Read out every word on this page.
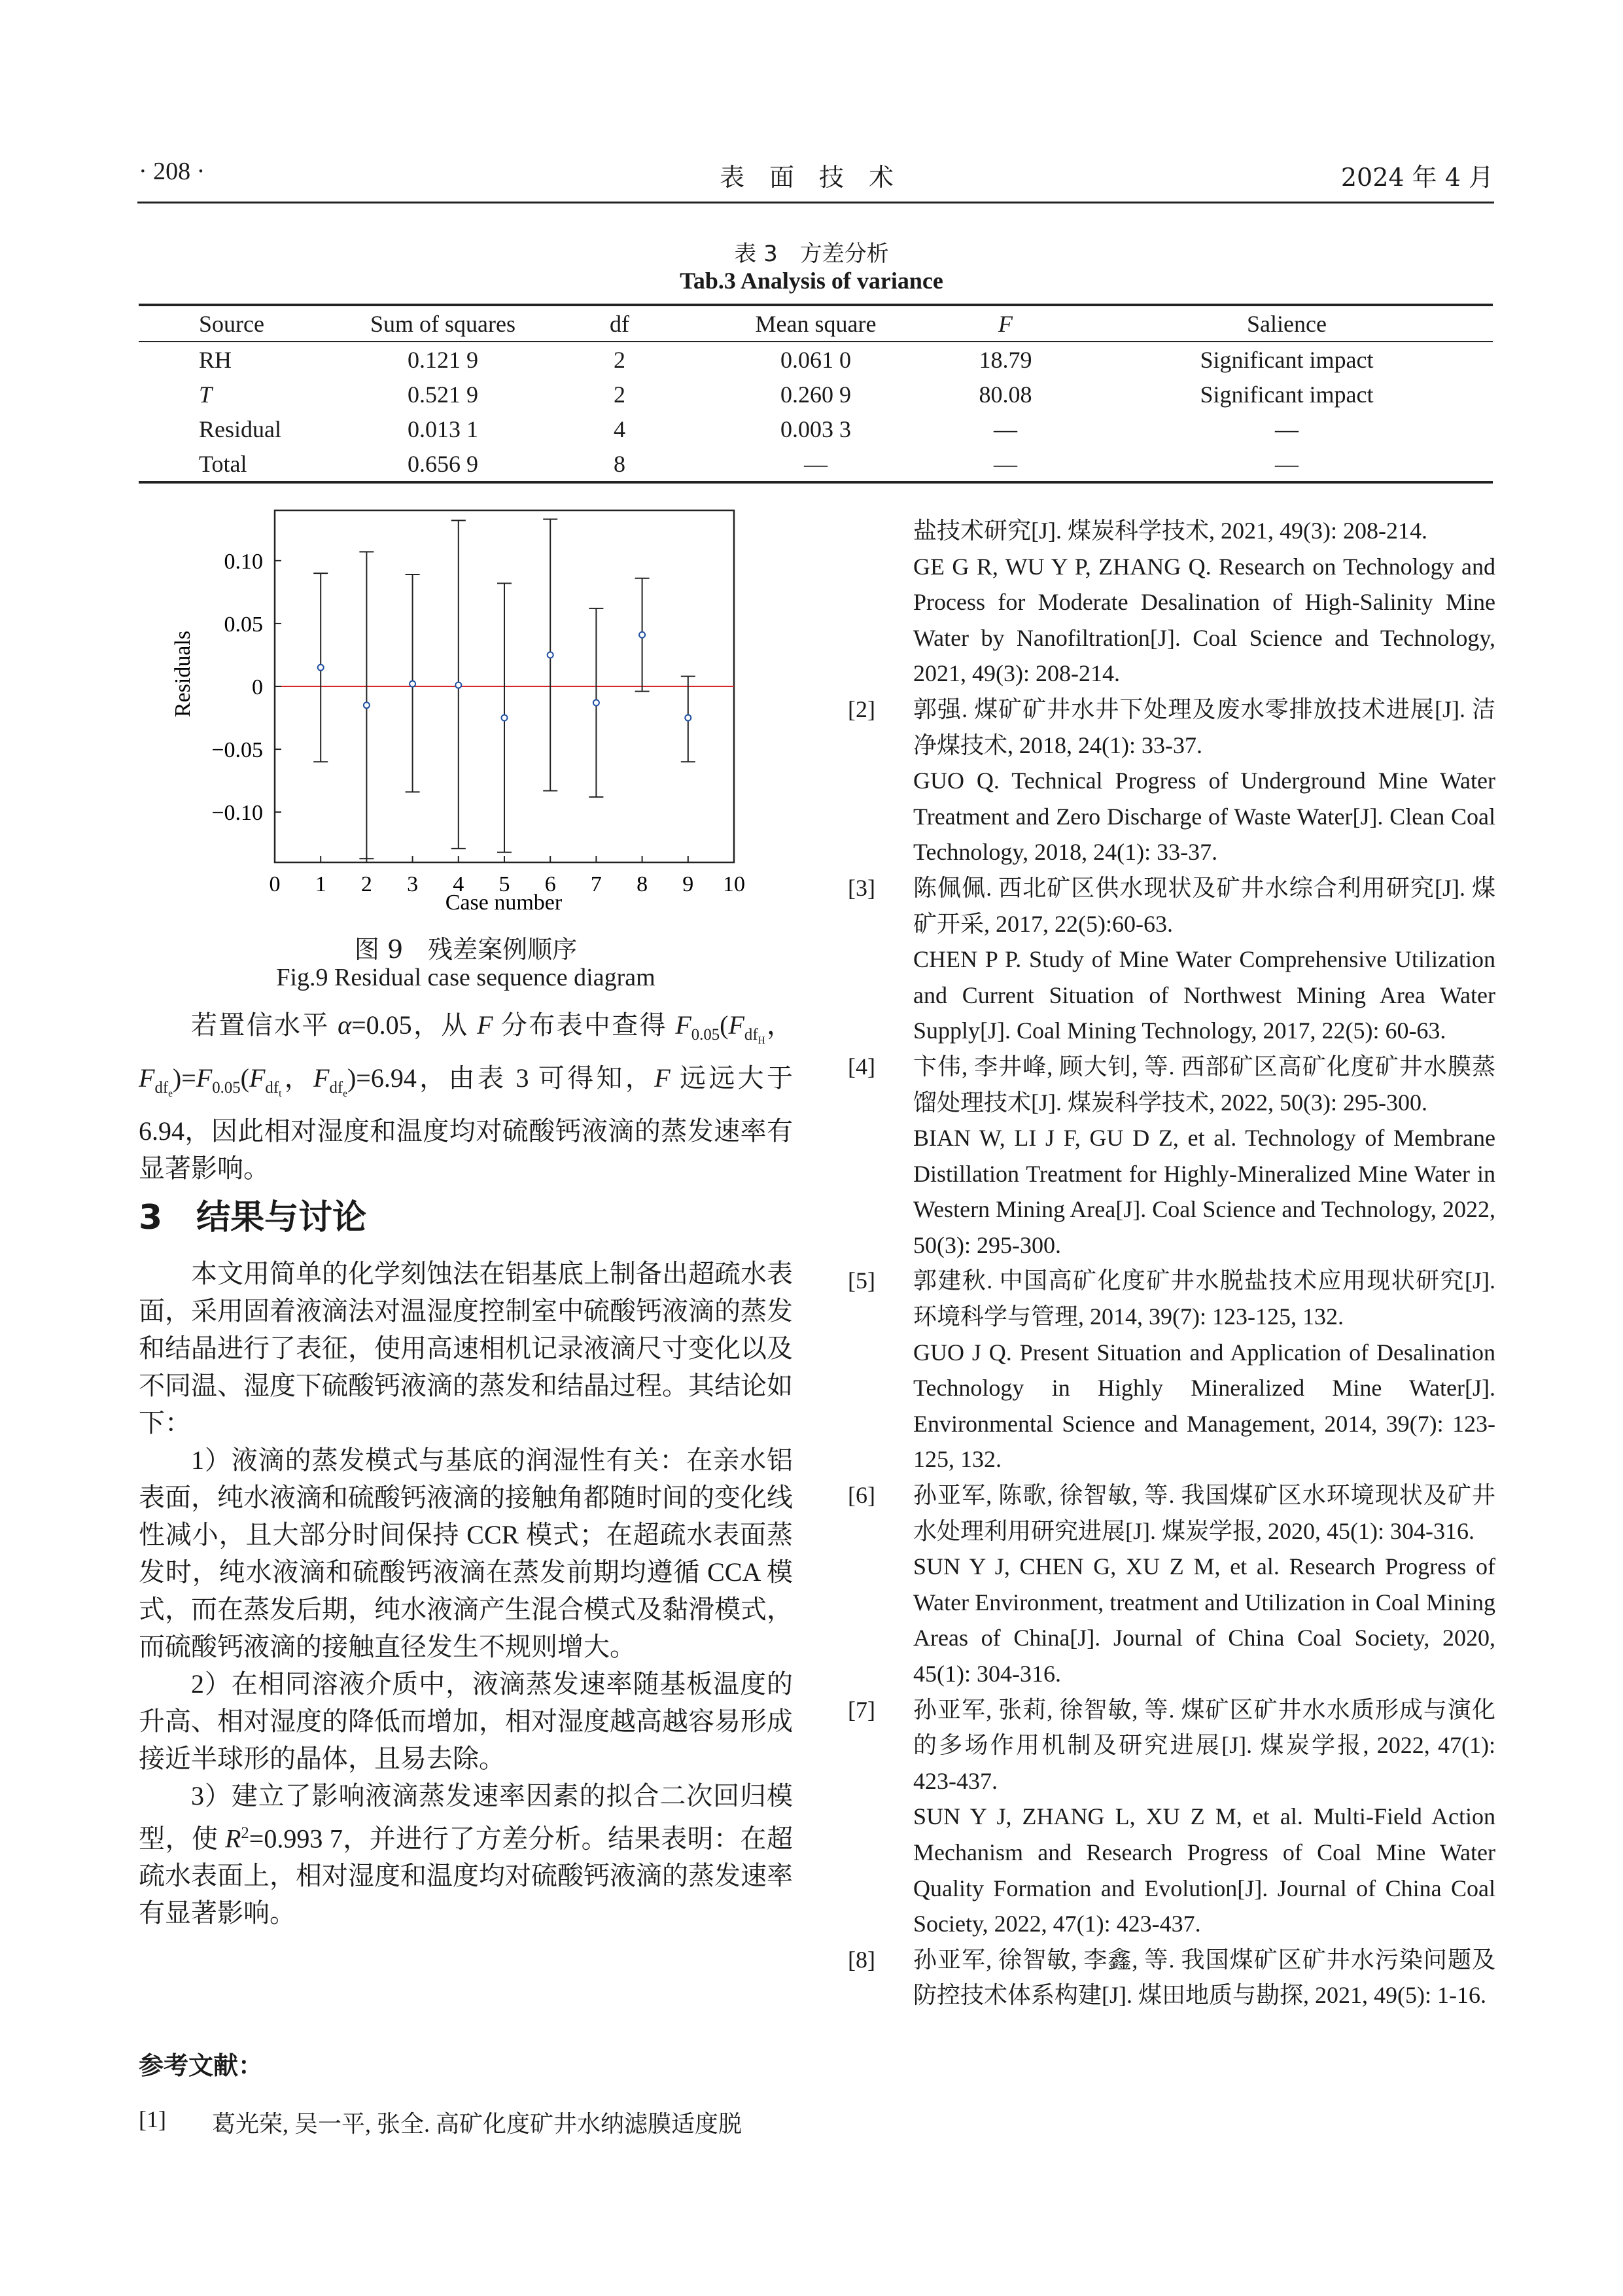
· 208 ·	表　面　技　术	2024 年 4 月
表 3　方差分析
Tab.3 Analysis of variance
Source	Sum of squares	df	Mean square	F	Salience
RH	0.121 9	2	0.061 0	18.79	Significant impact
T	0.521 9	2	0.260 9	80.08	Significant impact
Residual	0.013 1	4	0.003 3	—	—
Total	0.656 9	8	—	—	—
0 1 2 3 4 5 6 7 8 9 10
−0.10
−0.05
0
0.05
0.10
Residuals
Case number
图 9　残差案例顺序
Fig.9 Residual case sequence diagram

若置信水平 α=0.05，从 F 分布表中查得 $F_{0.05}(F_{df_H}$，$F_{df_e})=F_{0.05}(F_{df_t}$，$F_{df_e})=6.94$，由表 3 可得知，F 远远大于 6.94，因此相对湿度和温度均对硫酸钙液滴的蒸发速率有显著影响。

3　结果与讨论

本文用简单的化学刻蚀法在铝基底上制备出超疏水表面，采用固着液滴法对温湿度控制室中硫酸钙液滴的蒸发和结晶进行了表征，使用高速相机记录液滴尺寸变化以及不同温、湿度下硫酸钙液滴的蒸发和结晶过程。其结论如下：

1）液滴的蒸发模式与基底的润湿性有关：在亲水铝表面，纯水液滴和硫酸钙液滴的接触角都随时间的变化线性减小，且大部分时间保持 CCR 模式；在超疏水表面蒸发时，纯水液滴和硫酸钙液滴在蒸发前期均遵循 CCA 模式，而在蒸发后期，纯水液滴产生混合模式及黏滑模式，而硫酸钙液滴的接触直径发生不规则增大。

2）在相同溶液介质中，液滴蒸发速率随基板温度的升高、相对湿度的降低而增加，相对湿度越高越容易形成接近半球形的晶体，且易去除。

3）建立了影响液滴蒸发速率因素的拟合二次回归模型，使 $R^2=0.993$ 7，并进行了方差分析。结果表明：在超疏水表面上，相对湿度和温度均对硫酸钙液滴的蒸发速率有显著影响。

参考文献：
[1] 葛光荣, 吴一平, 张全. 高矿化度矿井水纳滤膜适度脱
盐技术研究[J]. 煤炭科学技术, 2021, 49(3): 208-214.
GE G R, WU Y P, ZHANG Q. Research on Technology and Process for Moderate Desalination of High-Salinity Mine Water by Nanofiltration[J]. Coal Science and Technology, 2021, 49(3): 208-214.
[2] 郭强. 煤矿矿井水井下处理及废水零排放技术进展[J]. 洁净煤技术, 2018, 24(1): 33-37.
GUO Q. Technical Progress of Underground Mine Water Treatment and Zero Discharge of Waste Water[J]. Clean Coal Technology, 2018, 24(1): 33-37.
[3] 陈佩佩. 西北矿区供水现状及矿井水综合利用研究[J]. 煤矿开采, 2017, 22(5):60-63.
CHEN P P. Study of Mine Water Comprehensive Utilization and Current Situation of Northwest Mining Area Water Supply[J]. Coal Mining Technology, 2017, 22(5): 60-63.
[4] 卞伟, 李井峰, 顾大钊, 等. 西部矿区高矿化度矿井水膜蒸馏处理技术[J]. 煤炭科学技术, 2022, 50(3): 295-300.
BIAN W, LI J F, GU D Z, et al. Technology of Membrane Distillation Treatment for Highly-Mineralized Mine Water in Western Mining Area[J]. Coal Science and Technology, 2022, 50(3): 295-300.
[5] 郭建秋. 中国高矿化度矿井水脱盐技术应用现状研究[J]. 环境科学与管理, 2014, 39(7): 123-125, 132.
GUO J Q. Present Situation and Application of Desalination Technology in Highly Mineralized Mine Water[J]. Environmental Science and Management, 2014, 39(7): 123-125, 132.
[6] 孙亚军, 陈歌, 徐智敏, 等. 我国煤矿区水环境现状及矿井水处理利用研究进展[J]. 煤炭学报, 2020, 45(1): 304-316.
SUN Y J, CHEN G, XU Z M, et al. Research Progress of Water Environment, treatment and Utilization in Coal Mining Areas of China[J]. Journal of China Coal Society, 2020, 45(1): 304-316.
[7] 孙亚军, 张莉, 徐智敏, 等. 煤矿区矿井水水质形成与演化的多场作用机制及研究进展[J]. 煤炭学报, 2022, 47(1): 423-437.
SUN Y J, ZHANG L, XU Z M, et al. Multi-Field Action Mechanism and Research Progress of Coal Mine Water Quality Formation and Evolution[J]. Journal of China Coal Society, 2022, 47(1): 423-437.
[8] 孙亚军, 徐智敏, 李鑫, 等. 我国煤矿区矿井水污染问题及防控技术体系构建[J]. 煤田地质与勘探, 2021, 49(5): 1-16.
